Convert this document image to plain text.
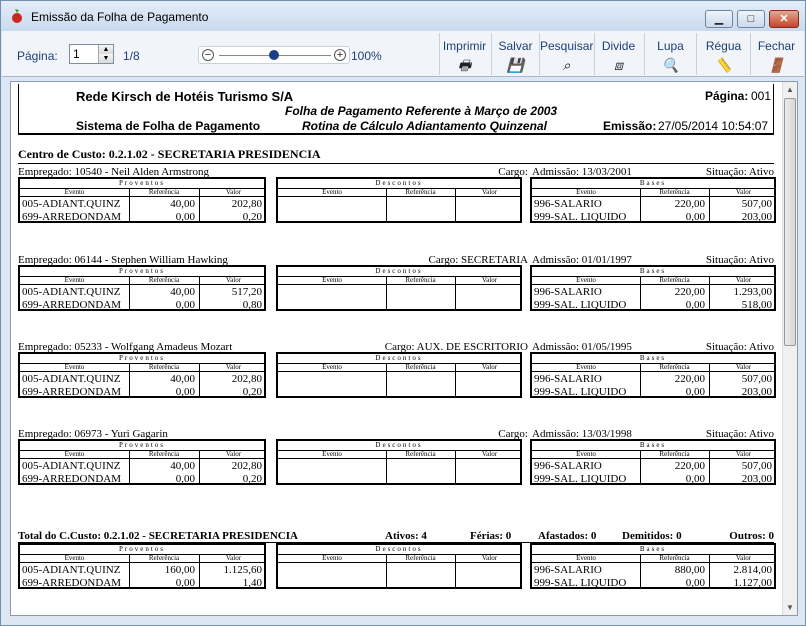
Emissão da Folha de Pagamento	▁	□	✕
Página:
1	▲
▼ 1/8	−	+ 100%
Imprimir
🖶
Salvar
💾
Pesquisar
⌕
Divide
⧈
Lupa
🔍
Régua
📏
Fechar
🚪
Rede Kirsch de Hotéis Turismo S/A	Página: 001
Folha de Pagamento Referente à Março de 2003
Sistema de Folha de Pagamento	Rotina de Cálculo Adiantamento Quinzenal	Emissão: 27/05/2014 10:54:07
Centro de Custo: 0.2.1.02 - SECRETARIA PRESIDENCIA
Empregado: 10540 - Neil Alden Armstrong	Cargo: Admissão: 13/03/2001	Situação: Ativo
Proventos
Evento	Referência	Valor
005-ADIANT.QUINZ	40,00	202,80
699-ARREDONDAM	0,00	0,20
Descontos
Evento	Referência	Valor
Bases
Evento	Referência	Valor
996-SALARIO	220,00	507,00
999-SAL. LIQUIDO	0,00	203,00
Empregado: 06144 - Stephen William Hawking	Cargo: SECRETARIA Admissão: 01/01/1997	Situação: Ativo
Proventos
Evento	Referência	Valor
005-ADIANT.QUINZ	40,00	517,20
699-ARREDONDAM	0,00	0,80
Descontos
Evento	Referência	Valor
Bases
Evento	Referência	Valor
996-SALARIO	220,00	1.293,00
999-SAL. LIQUIDO	0,00	518,00
Empregado: 05233 - Wolfgang Amadeus Mozart	Cargo: AUX. DE ESCRITORIO Admissão: 01/05/1995	Situação: Ativo
Proventos
Evento	Referência	Valor
005-ADIANT.QUINZ	40,00	202,80
699-ARREDONDAM	0,00	0,20
Descontos
Evento	Referência	Valor
Bases
Evento	Referência	Valor
996-SALARIO	220,00	507,00
999-SAL. LIQUIDO	0,00	203,00
Empregado: 06973 - Yuri Gagarin	Cargo: Admissão: 13/03/1998	Situação: Ativo
Proventos
Evento	Referência	Valor
005-ADIANT.QUINZ	40,00	202,80
699-ARREDONDAM	0,00	0,20
Descontos
Evento	Referência	Valor
Bases
Evento	Referência	Valor
996-SALARIO	220,00	507,00
999-SAL. LIQUIDO	0,00	203,00
Total do C.Custo: 0.2.1.02 - SECRETARIA PRESIDENCIA	Ativos: 4	Férias: 0 Afastados: 0 Demitidos: 0	Outros: 0
Proventos
Evento	Referência	Valor
005-ADIANT.QUINZ	160,00	1.125,60
699-ARREDONDAM	0,00	1,40
Descontos
Evento	Referência	Valor
Bases
Evento	Referência	Valor
996-SALARIO	880,00	2.814,00
999-SAL. LIQUIDO	0,00	1.127,00
▲
▼
